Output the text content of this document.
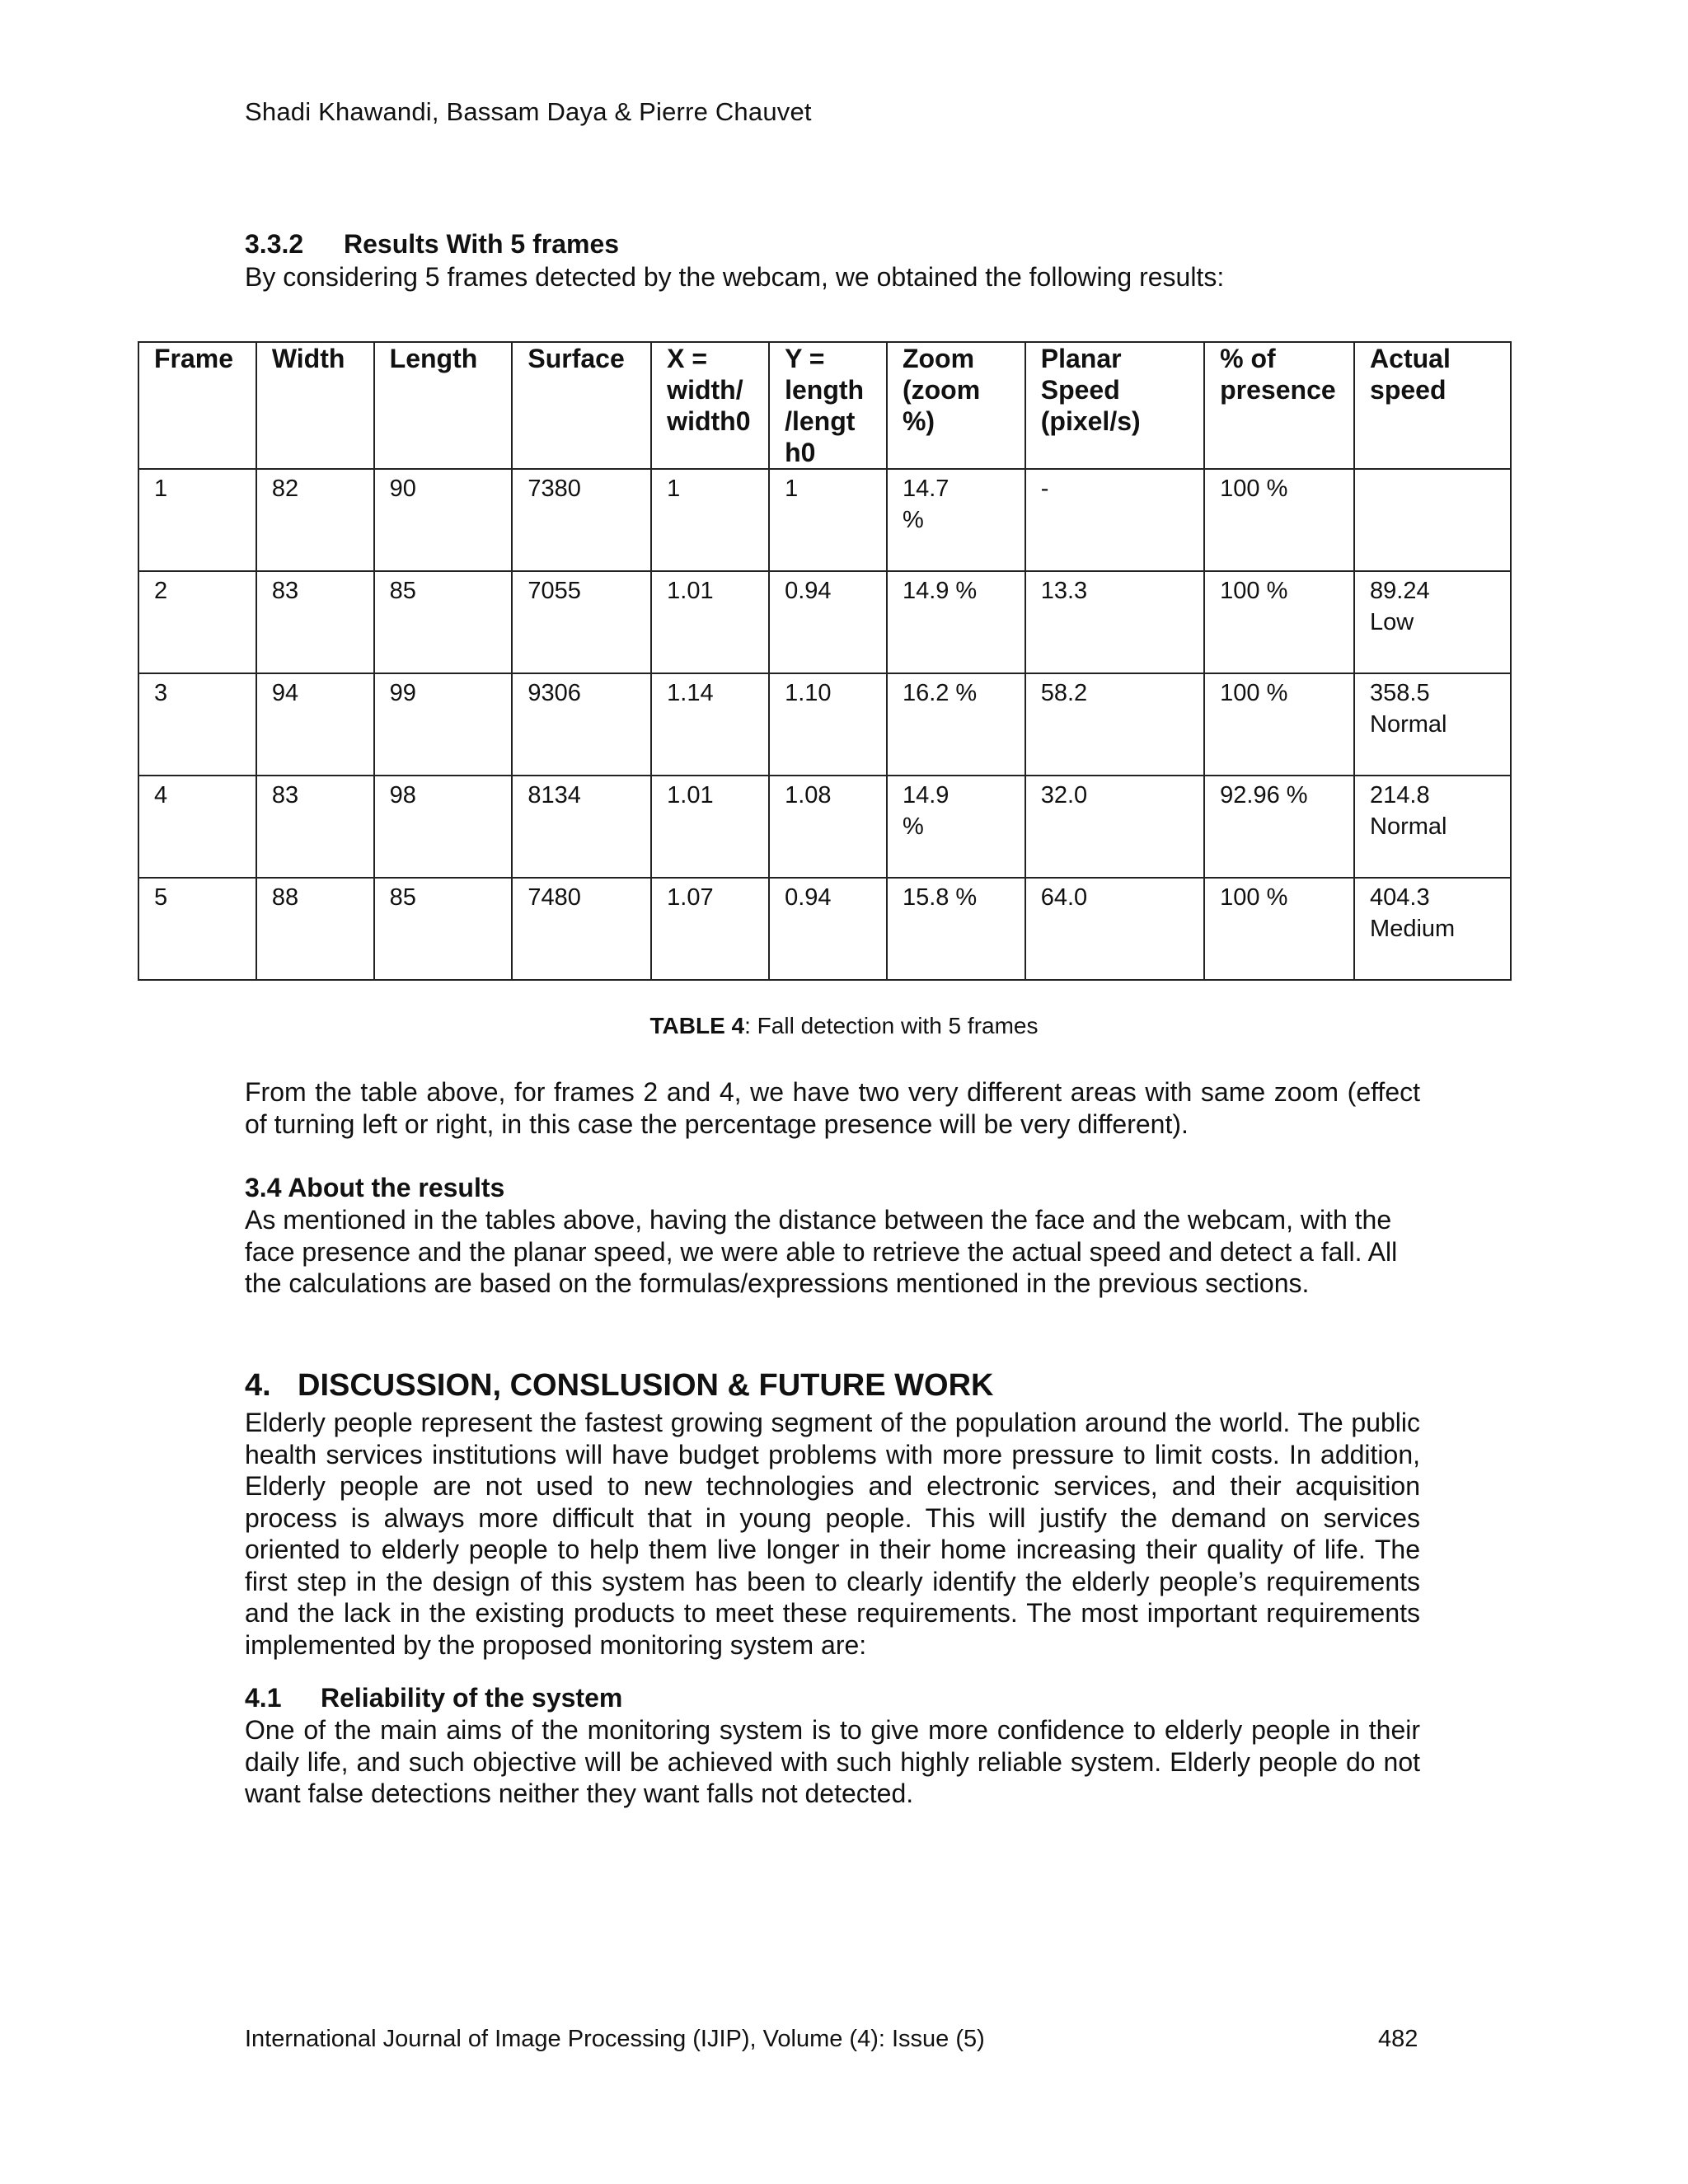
Shadi Khawandi, Bassam Daya & Pierre Chauvet
3.3.2 Results With 5 frames
By considering 5 frames detected by the webcam, we obtained the following results:
Frame	Width	Length	Surface	X = width/ width0	Y = length /lengt h0	Zoom (zoom %)	Planar Speed (pixel/s)	% of presence	Actual speed
1	82	90	7380	1	1	14.7 %	-	100 %	
2	83	85	7055	1.01	0.94	14.9 %	13.3	100 %	89.24 Low
3	94	99	9306	1.14	1.10	16.2 %	58.2	100 %	358.5 Normal
4	83	98	8134	1.01	1.08	14.9 %	32.0	92.96 %	214.8 Normal
5	88	85	7480	1.07	0.94	15.8 %	64.0	100 %	404.3 Medium
TABLE 4: Fall detection with 5 frames
From the table above, for frames 2 and 4, we have two very different areas with same zoom (effect of turning left or right, in this case the percentage presence will be very different).
3.4 About the results
As mentioned in the tables above, having the distance between the face and the webcam, with the face presence and the planar speed, we were able to retrieve the actual speed and detect a fall. All the calculations are based on the formulas/expressions mentioned in the previous sections.
4. DISCUSSION, CONSLUSION & FUTURE WORK
Elderly people represent the fastest growing segment of the population around the world. The public health services institutions will have budget problems with more pressure to limit costs. In addition, Elderly people are not used to new technologies and electronic services, and their acquisition process is always more difficult that in young people. This will justify the demand on services oriented to elderly people to help them live longer in their home increasing their quality of life. The first step in the design of this system has been to clearly identify the elderly people’s requirements and the lack in the existing products to meet these requirements. The most important requirements implemented by the proposed monitoring system are:
4.1 Reliability of the system
One of the main aims of the monitoring system is to give more confidence to elderly people in their daily life, and such objective will be achieved with such highly reliable system. Elderly people do not want false detections neither they want falls not detected.
International Journal of Image Processing (IJIP), Volume (4): Issue (5)	482
